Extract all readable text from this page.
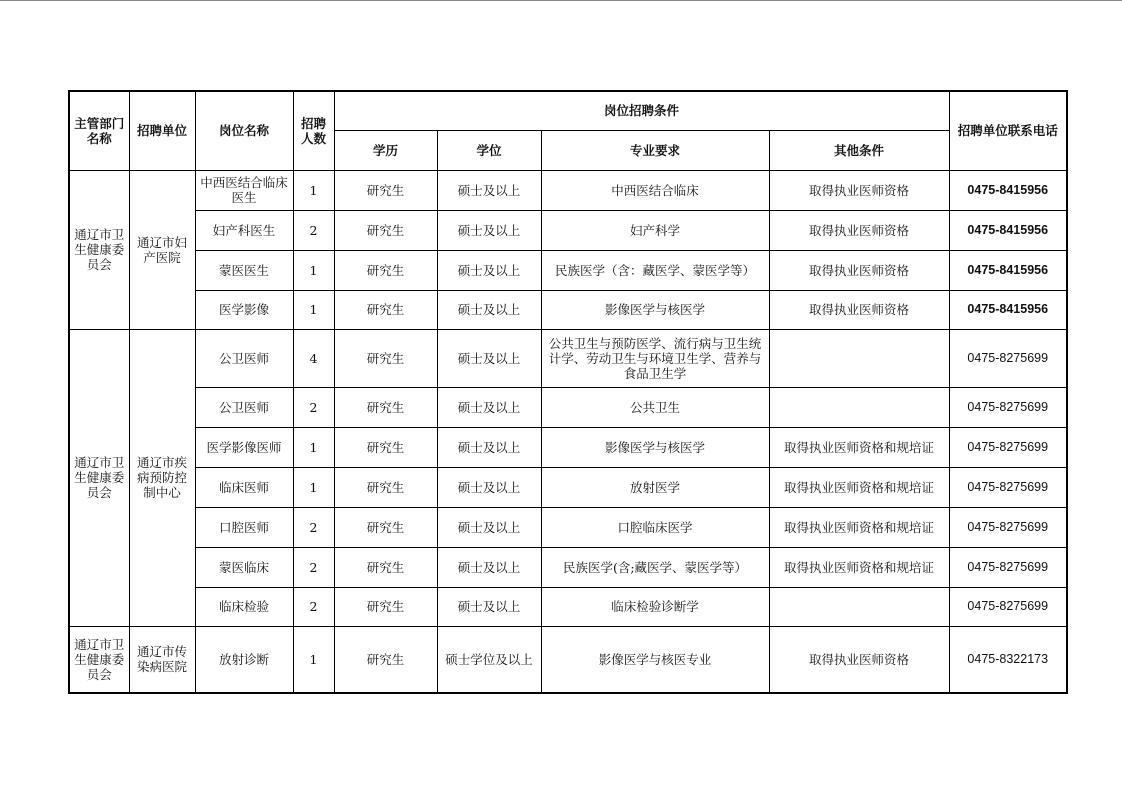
主管部门名称	招聘单位	岗位名称	招聘人数	岗位招聘条件				招聘单位联系电话
				学历	学位	专业要求	其他条件	
通辽市卫生健康委员会	通辽市妇产医院	中西医结合临床医生	1	研究生	硕士及以上	中西医结合临床	取得执业医师资格	0475-8415956
		妇产科医生	2	研究生	硕士及以上	妇产科学	取得执业医师资格	0475-8415956
		蒙医医生	1	研究生	硕士及以上	民族医学（含：藏医学、蒙医学等）	取得执业医师资格	0475-8415956
		医学影像	1	研究生	硕士及以上	影像医学与核医学	取得执业医师资格	0475-8415956
通辽市卫生健康委员会	通辽市疾病预防控制中心	公卫医师	4	研究生	硕士及以上	公共卫生与预防医学、流行病与卫生统计学、劳动卫生与环境卫生学、营养与食品卫生学		0475-8275699
		公卫医师	2	研究生	硕士及以上	公共卫生		0475-8275699
		医学影像医师	1	研究生	硕士及以上	影像医学与核医学	取得执业医师资格和规培证	0475-8275699
		临床医师	1	研究生	硕士及以上	放射医学	取得执业医师资格和规培证	0475-8275699
		口腔医师	2	研究生	硕士及以上	口腔临床医学	取得执业医师资格和规培证	0475-8275699
		蒙医临床	2	研究生	硕士及以上	民族医学(含;藏医学、蒙医学等）	取得执业医师资格和规培证	0475-8275699
		临床检验	2	研究生	硕士及以上	临床检验诊断学		0475-8275699
通辽市卫生健康委员会	通辽市传染病医院	放射诊断	1	研究生	硕士学位及以上	影像医学与核医专业	取得执业医师资格	0475-8322173
